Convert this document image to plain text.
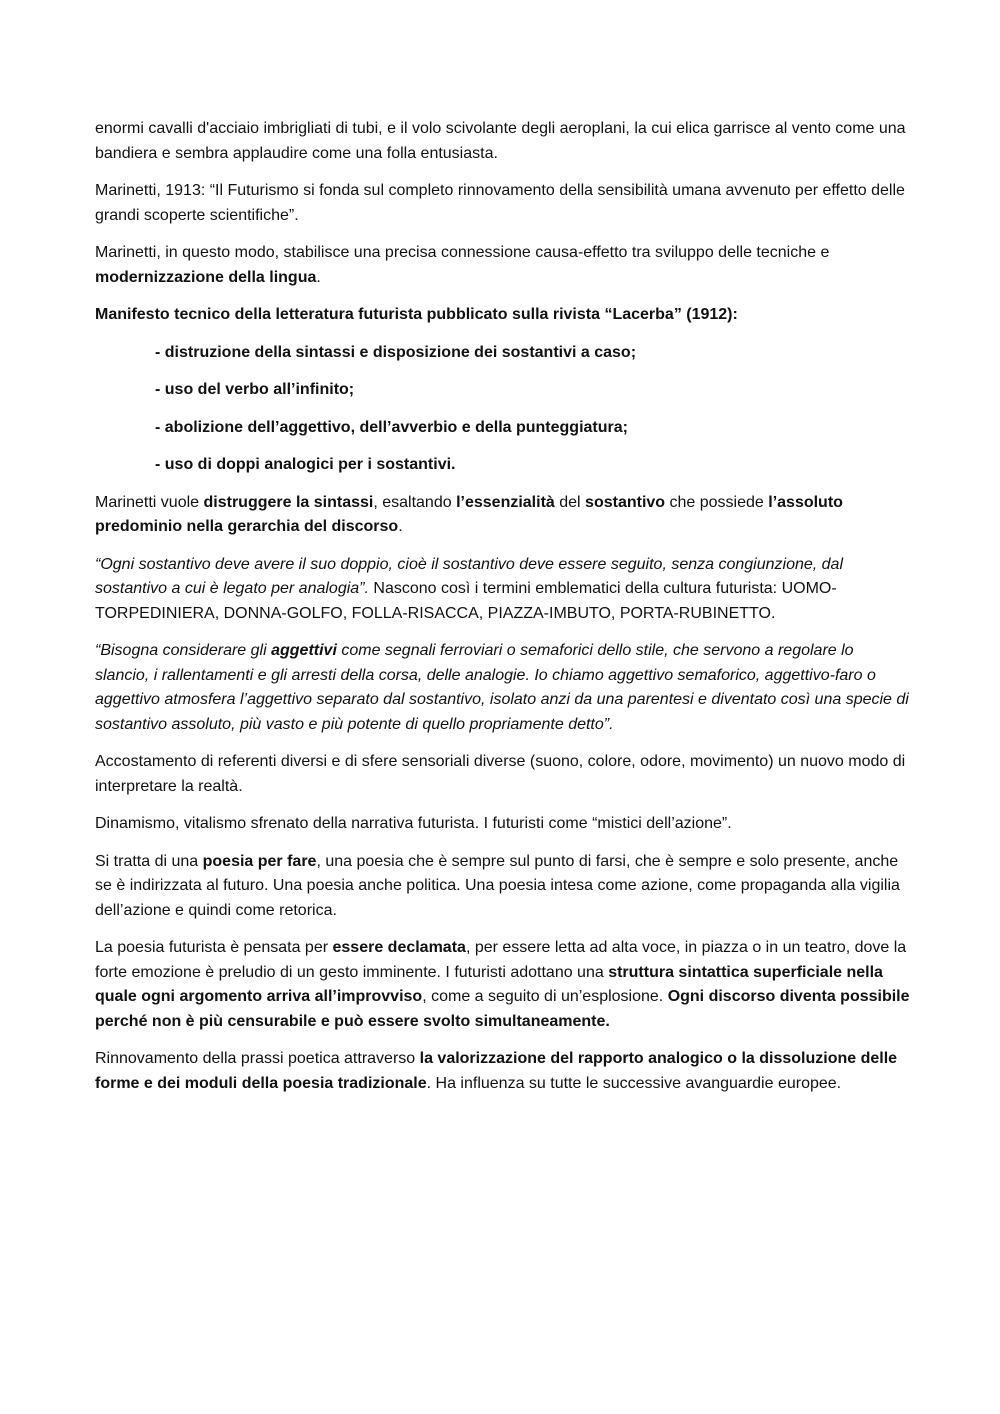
enormi cavalli d'acciaio imbrigliati di tubi, e il volo scivolante degli aeroplani, la cui elica garrisce al vento come una bandiera e sembra applaudire come una folla entusiasta.

Marinetti, 1913: “Il Futurismo si fonda sul completo rinnovamento della sensibilità umana avvenuto per effetto delle grandi scoperte scientifiche”.

Marinetti, in questo modo, stabilisce una precisa connessione causa-effetto tra sviluppo delle tecniche e modernizzazione della lingua.

Manifesto tecnico della letteratura futurista pubblicato sulla rivista “Lacerba” (1912):

- distruzione della sintassi e disposizione dei sostantivi a caso;

- uso del verbo all’infinito;

- abolizione dell’aggettivo, dell’avverbio e della punteggiatura;

- uso di doppi analogici per i sostantivi.

Marinetti vuole distruggere la sintassi, esaltando l’essenzialità del sostantivo che possiede l’assoluto predominio nella gerarchia del discorso.

“Ogni sostantivo deve avere il suo doppio, cioè il sostantivo deve essere seguito, senza congiunzione, dal sostantivo a cui è legato per analogia”. Nascono così i termini emblematici della cultura futurista: UOMO-TORPEDINIERA, DONNA-GOLFO, FOLLA-RISACCA, PIAZZA-IMBUTO, PORTA-RUBINETTO.

“Bisogna considerare gli aggettivi come segnali ferroviari o semaforici dello stile, che servono a regolare lo slancio, i rallentamenti e gli arresti della corsa, delle analogie. Io chiamo aggettivo semaforico, aggettivo-faro o aggettivo atmosfera l’aggettivo separato dal sostantivo, isolato anzi da una parentesi e diventato così una specie di sostantivo assoluto, più vasto e più potente di quello propriamente detto”.

Accostamento di referenti diversi e di sfere sensoriali diverse (suono, colore, odore, movimento) un nuovo modo di interpretare la realtà.

Dinamismo, vitalismo sfrenato della narrativa futurista. I futuristi come “mistici dell’azione”.

Si tratta di una poesia per fare, una poesia che è sempre sul punto di farsi, che è sempre e solo presente, anche se è indirizzata al futuro. Una poesia anche politica. Una poesia intesa come azione, come propaganda alla vigilia dell’azione e quindi come retorica.

La poesia futurista è pensata per essere declamata, per essere letta ad alta voce, in piazza o in un teatro, dove la forte emozione è preludio di un gesto imminente. I futuristi adottano una struttura sintattica superficiale nella quale ogni argomento arriva all’improvviso, come a seguito di un’esplosione. Ogni discorso diventa possibile perché non è più censurabile e può essere svolto simultaneamente.

Rinnovamento della prassi poetica attraverso la valorizzazione del rapporto analogico o la dissoluzione delle forme e dei moduli della poesia tradizionale. Ha influenza su tutte le successive avanguardie europee.
